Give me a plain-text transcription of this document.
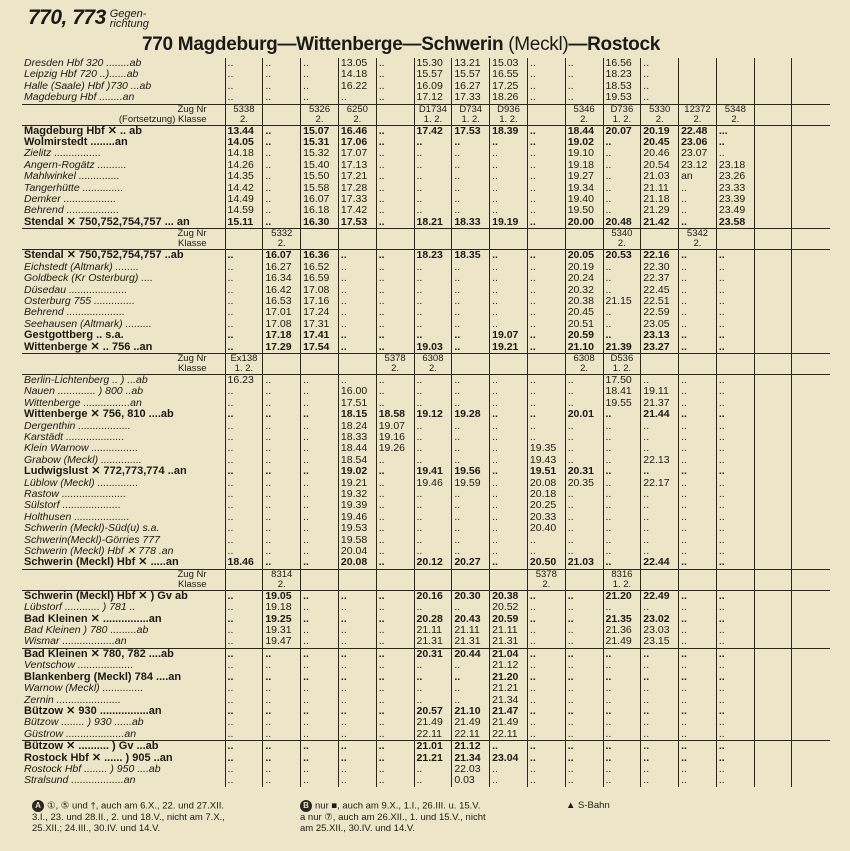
770, 773 Gegen-
richtung
770 Magdeburg—Wittenberge—Schwerin (Meckl)—Rostock
Dresden Hbf 320 ........ab	..	..	..	13.05	..	15.30	13.21	15.03	..	..	16.56	..				
Leipzig Hbf 720 ..)......ab	..	..	..	14.18	..	15.57	15.57	16.55	..	..	18.23	..				
Halle (Saale) Hbf )730 ...ab	..	..	..	16.22	..	16.09	16.27	17.25	..	..	18.53	..				
Magdeburg Hbf ........an	..	..	..	..	..	17.12	17.33	18.26	..	..	19.53	..				
Zug Nr	5338		5326	6250		D1734	D734	D936		5346	D736	5330	12372	5348		
(Fortsetzung) Klasse	2.		2.	2.		1. 2.	1. 2.	1. 2.		2.	1. 2.	2.	2.	2.		
Magdeburg Hbf ✕ .. ab	13.44	..	15.07	16.46	..	17.42	17.53	18.39	..	18.44	20.07	20.19	22.48	...		
Wolmirstedt ........an	14.05	..	15.31	17.06	..	..	..	..	..	19.02	..	20.45	23.06	..		
Zielitz ................	14.18	..	15.32	17.07	..	..	..	..	..	19.10	..	20.46	23.07	..		
Angern-Rogätz ..........	14.26	..	15.40	17.13	..	..	..	..	..	19.18	..	20.54	23.12	23.18		
Mahlwinkel ..............	14.35	..	15.50	17.21	..	..	..	..	..	19.27	..	21.03	an	23.26		
Tangerhütte ..............	14.42	..	15.58	17.28	..	..	..	..	..	19.34	..	21.11	..	23.33		
Demker ..................	14.49	..	16.07	17.33	..	..	..	..	..	19.40	..	21.18	..	23.39		
Behrend ..................	14.59	..	16.18	17.42	..	..	..	..	..	19.50	..	21.29	..	23.49		
Stendal ✕ 750,752,754,757 ... an	15.11	..	16.30	17.53	..	18.21	18.33	19.19	..	20.00	20.48	21.42	..	23.58		
Zug Nr		5332									5340		5342			
Klasse		2.									2.		2.			
Stendal ✕ 750,752,754,757 ..ab	..	16.07	16.36	..	..	18.23	18.35	..	..	20.05	20.53	22.16	..	..		
Eichstedt (Altmark) ........	..	16.27	16.52	..	..	..	..	..	..	20.19	..	22.30	..	..		
Goldbeck (Kr Osterburg) ....	..	16.34	16.59	..	..	..	..	..	..	20.24	..	22.37	..	..		
Düsedau ....................	..	16.42	17.08	..	..	..	..	..	..	20.32	..	22.45	..	..		
Osterburg 755 ..............	..	16.53	17.16	..	..	..	..	..	..	20.38	21.15	22.51	..	..		
Behrend ....................	..	17.01	17.24	..	..	..	..	..	..	20.45	..	22.59	..	..		
Seehausen (Altmark) .........	..	17.08	17.31	..	..	..	..	..	..	20.51	..	23.05	..	..		
Gestgottberg .. s.a.	..	17.18	17.41	..	..	..	..	19.07	..	20.59	..	23.13	..	..		
Wittenberge ✕ .. 756 ..an	..	17.29	17.54	..	..	19.03	..	19.21	..	21.10	21.39	23.27	..	..		
Zug Nr	Ex138				5378	6308				6308	D536					
Klasse	1. 2.				2.	2.				2.	1. 2.					
Berlin-Lichtenberg .. ) ...ab	16.23	..	..	..	..	..	..	..	..	..	17.50	..	..	..		
Nauen ............. ) 800 ..ab	..	..	..	16.00	..	..	..	..	..	..	18.41	19.11	..	..		
Wittenberge ................an	..	..	..	17.51	..	..	..	..	..	..	19.55	21.37	..	..		
Wittenberge ✕ 756, 810 ....ab	..	..	..	18.15	18.58	19.12	19.28	..	..	20.01	..	21.44	..	..		
Dergenthin ..................	..	..	..	18.24	19.07	..	..	..	..	..	..	..	..	..		
Karstädt ....................	..	..	..	18.33	19.16	..	..	..	..	..	..	..	..	..		
Klein Warnow ................	..	..	..	18.44	19.26	..	..	..	19.35	..	..	..	..	..		
Grabow (Meckl) ..............	..	..	..	18.54	..	..	..	..	19.43	..	..	22.13	..	..		
Ludwigslust ✕ 772,773,774 ..an	..	..	..	19.02	..	19.41	19.56	..	19.51	20.31	..	..	..	..		
Lüblow (Meckl) ..............	..	..	..	19.21	..	19.46	19.59	..	20.08	20.35	..	22.17	..	..		
Rastow ......................	..	..	..	19.32	..	..	..	..	20.18	..	..	..	..	..		
Sülstorf ....................	..	..	..	19.39	..	..	..	..	20.25	..	..	..	..	..		
Holthusen ...................	..	..	..	19.46	..	..	..	..	20.33	..	..	..	..	..		
Schwerin (Meckl)-Süd(u) s.a.	..	..	..	19.53	..	..	..	..	20.40	..	..	..	..	..		
Schwerin(Meckl)-Görries 777	..	..	..	19.58	..	..	..	..	..	..	..	..	..	..		
Schwerin (Meckl) Hbf ✕ 778 .an	..	..	..	20.04	..	..	..	..	..	..	..	..	..	..		
Schwerin (Meckl) Hbf ✕ .....an	18.46	..	..	20.08	..	20.12	20.27	..	20.50	21.03	..	22.44	..	..		
Zug Nr		8314							5378		8316					
Klasse		2.							2.		1. 2.					
Schwerin (Meckl) Hbf ✕ ) Gv ab	..	19.05	..	..	..	20.16	20.30	20.38	..	..	21.20	22.49	..	..		
Lübstorf ............ ) 781 ..	..	19.18	..	..	..	..	..	20.52	..	..	..	..	..	..		
Bad Kleinen ✕ ...............an	..	19.25	..	..	..	20.28	20.43	20.59	..	..	21.35	23.02	..	..		
Bad Kleinen ) 780 .........ab	..	19.31	..	..	..	21.11	21.11	21.11	..	..	21.36	23.03	..	..		
Wismar ..................an	..	19.47	..	..	..	21.31	21.31	21.31	..	..	21.49	23.15	..	..		
Bad Kleinen ✕ 780, 782 ....ab	..	..	..	..	..	20.31	20.44	21.04	..	..	..	..	..	..		
Ventschow ...................	..	..	..	..	..	..	..	21.12	..	..	..	..	..	..		
Blankenberg (Meckl) 784 ....an	..	..	..	..	..	..	..	21.20	..	..	..	..	..	..		
Warnow (Meckl) ..............	..	..	..	..	..	..	..	21.21	..	..	..	..	..	..		
Zernin ......................	..	..	..	..	..	..	..	21.34	..	..	..	..	..	..		
Bützow ✕ 930 ................an	..	..	..	..	..	20.57	21.10	21.47	..	..	..	..	..	..		
Bützow ........ ) 930 ......ab	..	..	..	..	..	21.49	21.49	21.49	..	..	..	..	..	..		
Güstrow ....................an	..	..	..	..	..	22.11	22.11	22.11	..	..	..	..	..	..		
Bützow ✕ .......... ) Gv ...ab	..	..	..	..	..	21.01	21.12	..	..	..	..	..	..	..		
Rostock Hbf ✕ ...... ) 905 ..an	..	..	..	..	..	21.21	21.34	23.04	..	..	..	..	..	..		
Rostock Hbf ........ ) 950 ....ab	..	..	..	..	..	..	22.03	..	..	..	..	..	..	..		
Stralsund ..................an	..	..	..	..	..	..	0.03	..	..	..	..	..	..	..		
A ①, ⑤ und †, auch am 6.X., 22. und 27.XII.
3.I., 23. und 28.II., 2. und 18.V., nicht am 7.X.,
25.XII.; 24.III., 30.IV. und 14.V.
B nur ■, auch am 9.X., 1.I., 26.III. u. 15.V.
a nur ⑦, auch am 26.XII., 1. und 15.V., nicht
am 25.XII., 30.IV. und 14.V.
▲ S-Bahn
